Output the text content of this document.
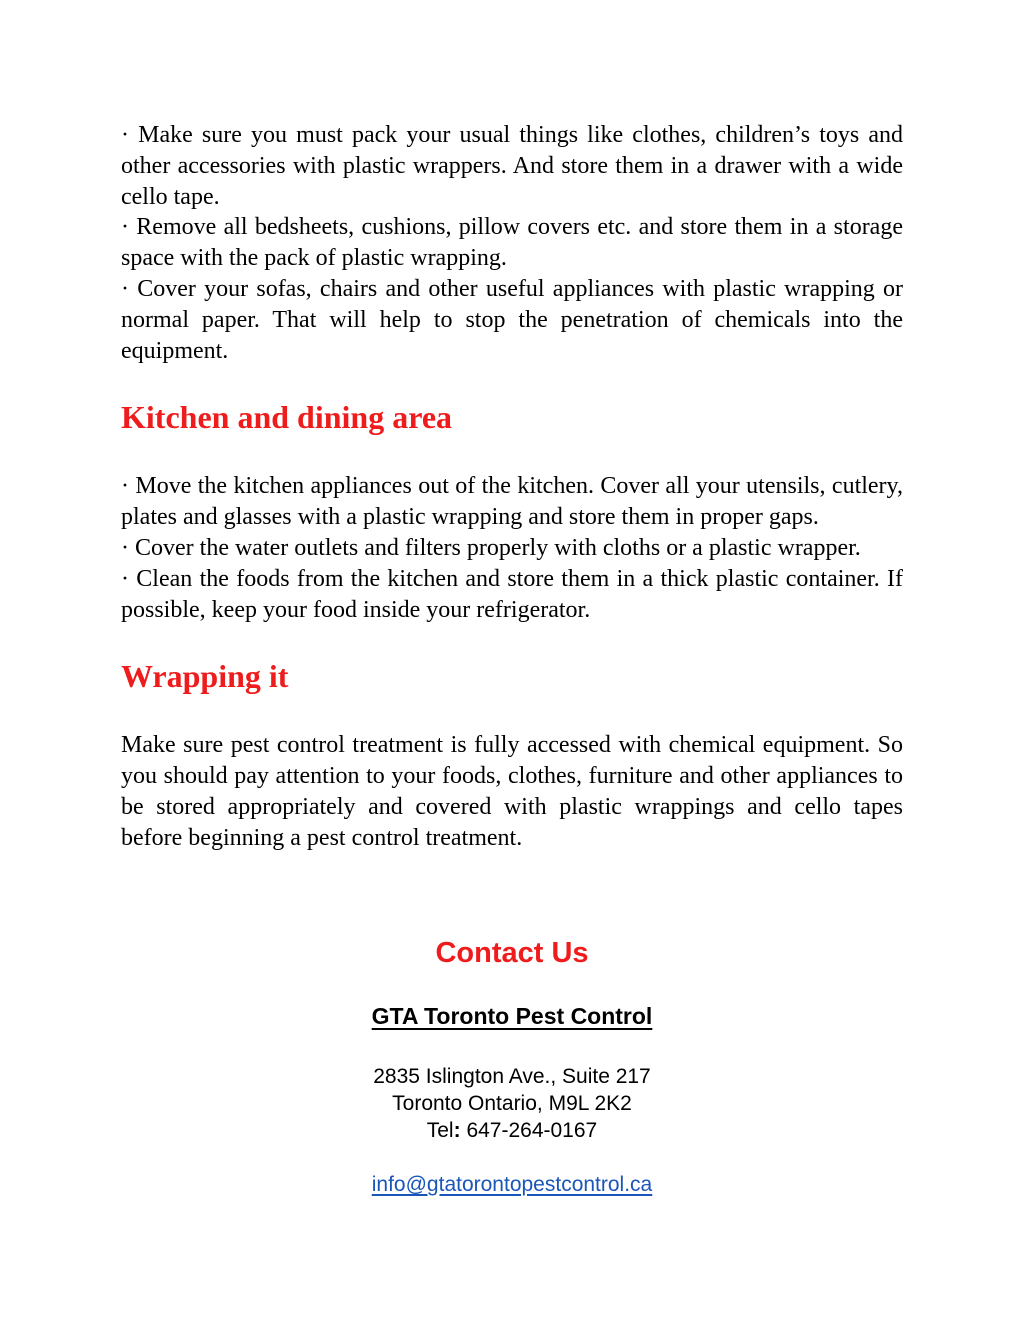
· Make sure you must pack your usual things like clothes, children’s toys and other accessories with plastic wrappers. And store them in a drawer with a wide cello tape.

· Remove all bedsheets, cushions, pillow covers etc. and store them in a storage space with the pack of plastic wrapping.

· Cover your sofas, chairs and other useful appliances with plastic wrapping or normal paper. That will help to stop the penetration of chemicals into the equipment.

Kitchen and dining area

· Move the kitchen appliances out of the kitchen. Cover all your utensils, cutlery, plates and glasses with a plastic wrapping and store them in proper gaps.

· Cover the water outlets and filters properly with cloths or a plastic wrapper.

· Clean the foods from the kitchen and store them in a thick plastic container. If possible, keep your food inside your refrigerator.

Wrapping it

Make sure pest control treatment is fully accessed with chemical equipment. So you should pay attention to your foods, clothes, furniture and other appliances to be stored appropriately and covered with plastic wrappings and cello tapes before beginning a pest control treatment.

Contact Us
GTA Toronto Pest Control
2835 Islington Ave., Suite 217
Toronto Ontario, M9L 2K2
Tel: 647-264-0167
info@gtatorontopestcontrol.ca
